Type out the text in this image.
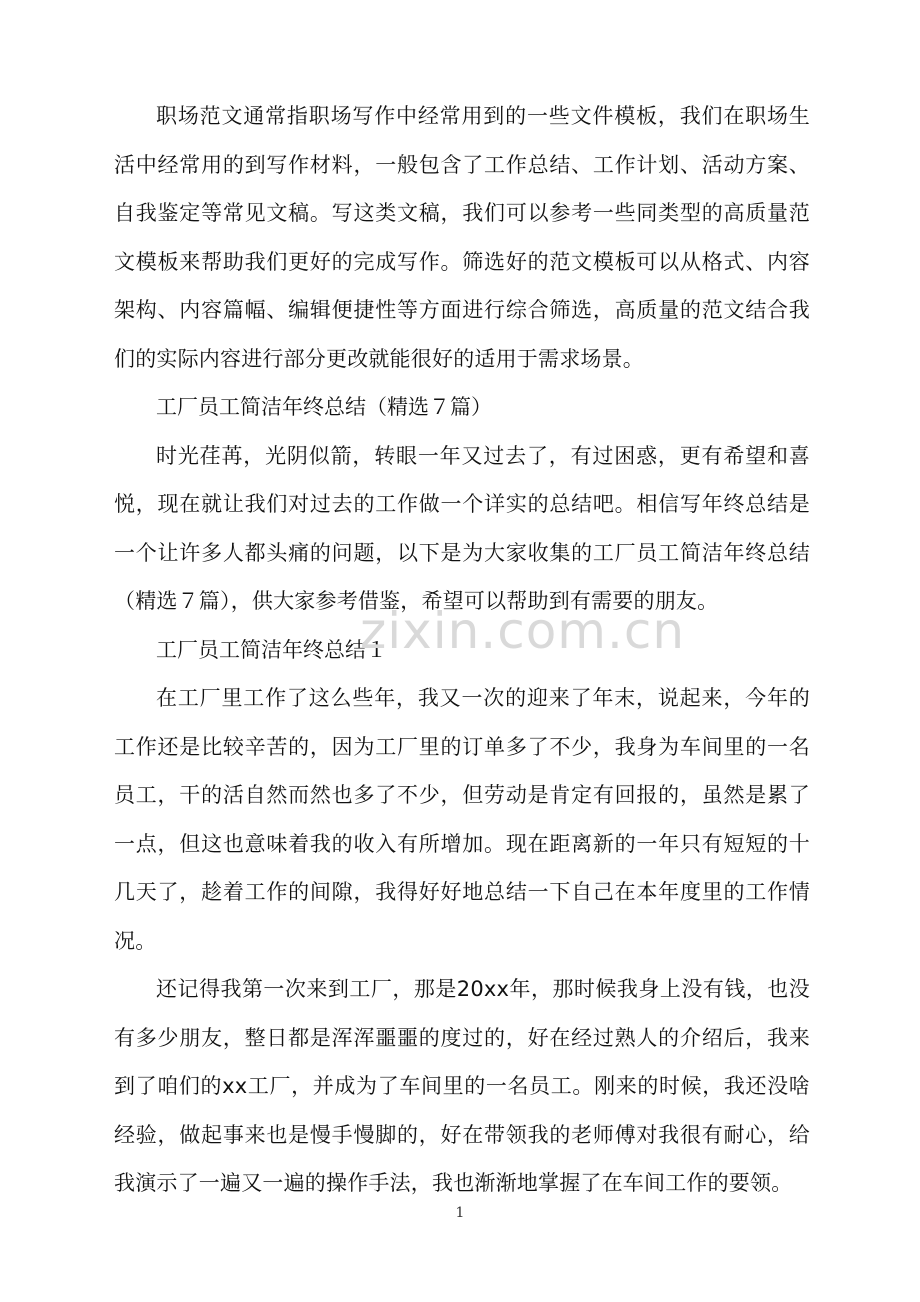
职场范文通常指职场写作中经常用到的一些文件模板，我们在职场生活中经常用的到写作材料，一般包含了工作总结、工作计划、活动方案、自我鉴定等常见文稿。写这类文稿，我们可以参考一些同类型的高质量范文模板来帮助我们更好的完成写作。筛选好的范文模板可以从格式、内容架构、内容篇幅、编辑便捷性等方面进行综合筛选，高质量的范文结合我们的实际内容进行部分更改就能很好的适用于需求场景。

工厂员工简洁年终总结（精选７篇）

时光荏苒，光阴似箭，转眼一年又过去了，有过困惑，更有希望和喜悦，现在就让我们对过去的工作做一个详实的总结吧。相信写年终总结是一个让许多人都头痛的问题，以下是为大家收集的工厂员工简洁年终总结（精选７篇），供大家参考借鉴，希望可以帮助到有需要的朋友。

工厂员工简洁年终总结１

在工厂里工作了这么些年，我又一次的迎来了年末，说起来，今年的工作还是比较辛苦的，因为工厂里的订单多了不少，我身为车间里的一名员工，干的活自然而然也多了不少，但劳动是肯定有回报的，虽然是累了一点，但这也意味着我的收入有所增加。现在距离新的一年只有短短的十几天了，趁着工作的间隙，我得好好地总结一下自己在本年度里的工作情况。

还记得我第一次来到工厂，那是20xx年，那时候我身上没有钱，也没有多少朋友，整日都是浑浑噩噩的度过的，好在经过熟人的介绍后，我来到了咱们的xx工厂，并成为了车间里的一名员工。刚来的时候，我还没啥经验，做起事来也是慢手慢脚的，好在带领我的老师傅对我很有耐心，给我演示了一遍又一遍的操作手法，我也渐渐地掌握了在车间工作的要领。

zixin.com.cn
1
